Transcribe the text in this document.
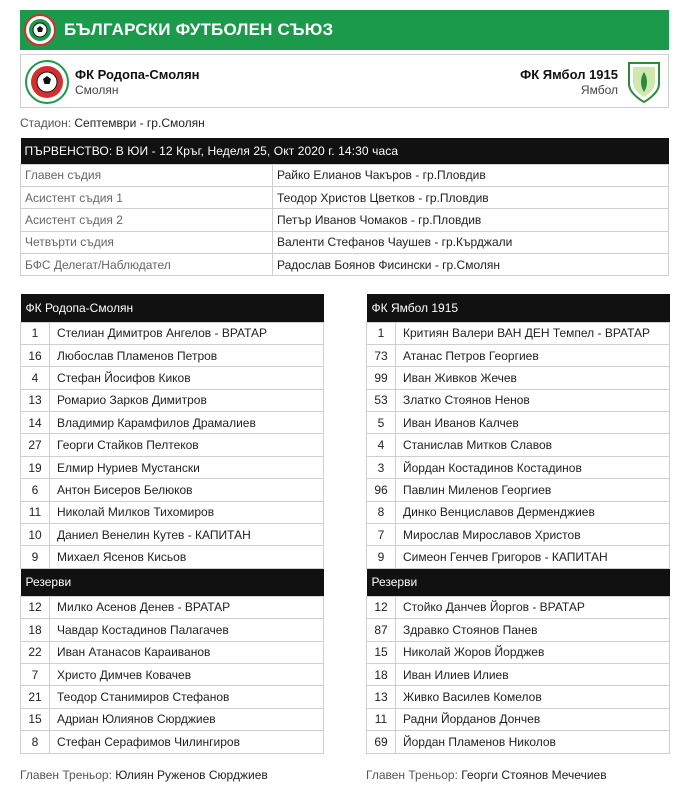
БЪЛГАРСКИ ФУТБОЛЕН СЪЮЗ
ФК Родопа-Смолян
Смолян
ФК Ямбол 1915
Ямбол
Стадион: Септември - гр.Смолян
ПЪРВЕНСТВО: В ЮИ - 12 Кръг, Неделя 25, Окт 2020 г. 14:30 часа	
Главен съдия	Райко Елианов Чакъров - гр.Пловдив
Асистент съдия 1	Теодор Христов Цветков - гр.Пловдив
Асистент съдия 2	Петър Иванов Чомаков - гр.Пловдив
Четвърти съдия	Валенти Стефанов Чаушев - гр.Кърджали
БФС Делегат/Наблюдател	Радослав Боянов Фисински - гр.Смолян
ФК Родопа-Смолян	
1	Стелиан Димитров Ангелов - ВРАТАР
16	Любослав Пламенов Петров
4	Стефан Йосифов Киков
13	Ромарио Зарков Димитров
14	Владимир Карамфилов Драмалиев
27	Георги Стайков Пелтеков
19	Елмир Нуриев Мустански
6	Антон Бисеров Белюков
11	Николай Милков Тихомиров
10	Даниел Венелин Кутев - КАПИТАН
9	Михаел Ясенов Кисьов
Резерви	
12	Милко Асенов Денев - ВРАТАР
18	Чавдар Костадинов Палагачев
22	Иван Атанасов Караиванов
7	Христо Димчев Ковачев
21	Теодор Станимиров Стефанов
15	Адриан Юлиянов Сюрджиев
8	Стефан Серафимов Чилингиров
ФК Ямбол 1915	
1	Критиян Валери ВАН ДЕН Темпел - ВРАТАР
73	Атанас Петров Георгиев
99	Иван Живков Жечев
53	Златко Стоянов Ненов
5	Иван Иванов Калчев
4	Станислав Митков Славов
3	Йордан Костадинов Костадинов
96	Павлин Миленов Георгиев
8	Динко Венциславов Дерменджиев
7	Мирослав Мирославов Христов
9	Симеон Генчев Григоров - КАПИТАН
Резерви	
12	Стойко Данчев Йоргов - ВРАТАР
87	Здравко Стоянов Панев
15	Николай Жоров Йорджев
18	Иван Илиев Илиев
13	Живко Василев Комелов
11	Радни Йорданов Дончев
69	Йордан Пламенов Николов
Главен Треньор: Юлиян Руженов Сюрджиев	Главен Треньор: Георги Стоянов Мечечиев
